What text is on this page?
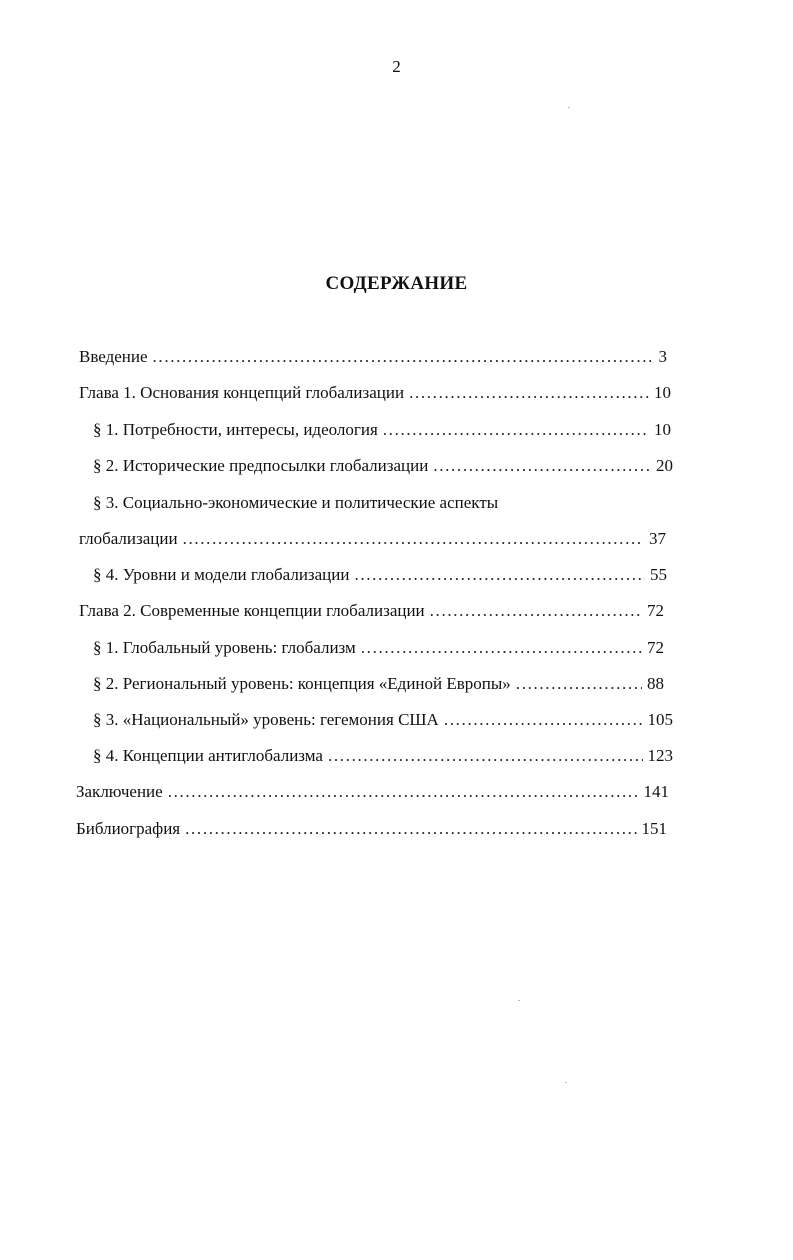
2
СОДЕРЖАНИЕ
Введение . . .	3
Глава 1. Основания концепций глобализации . . .	10
§ 1. Потребности, интересы, идеология . . .	10
§ 2. Исторические предпосылки глобализации . . .	20
§ 3. Социально-экономические и политические аспекты
глобализации . . .	37
§ 4. Уровни и модели глобализации . . .	55
Глава 2. Современные концепции глобализации . . .	72
§ 1. Глобальный уровень: глобализм . . .	72
§ 2. Региональный уровень: концепция «Единой Европы» . . .	88
§ 3. «Национальный» уровень: гегемония США . . .	105
§ 4. Концепции антиглобализма . . .	123
Заключение . . .	141
Библиография . . .	151
